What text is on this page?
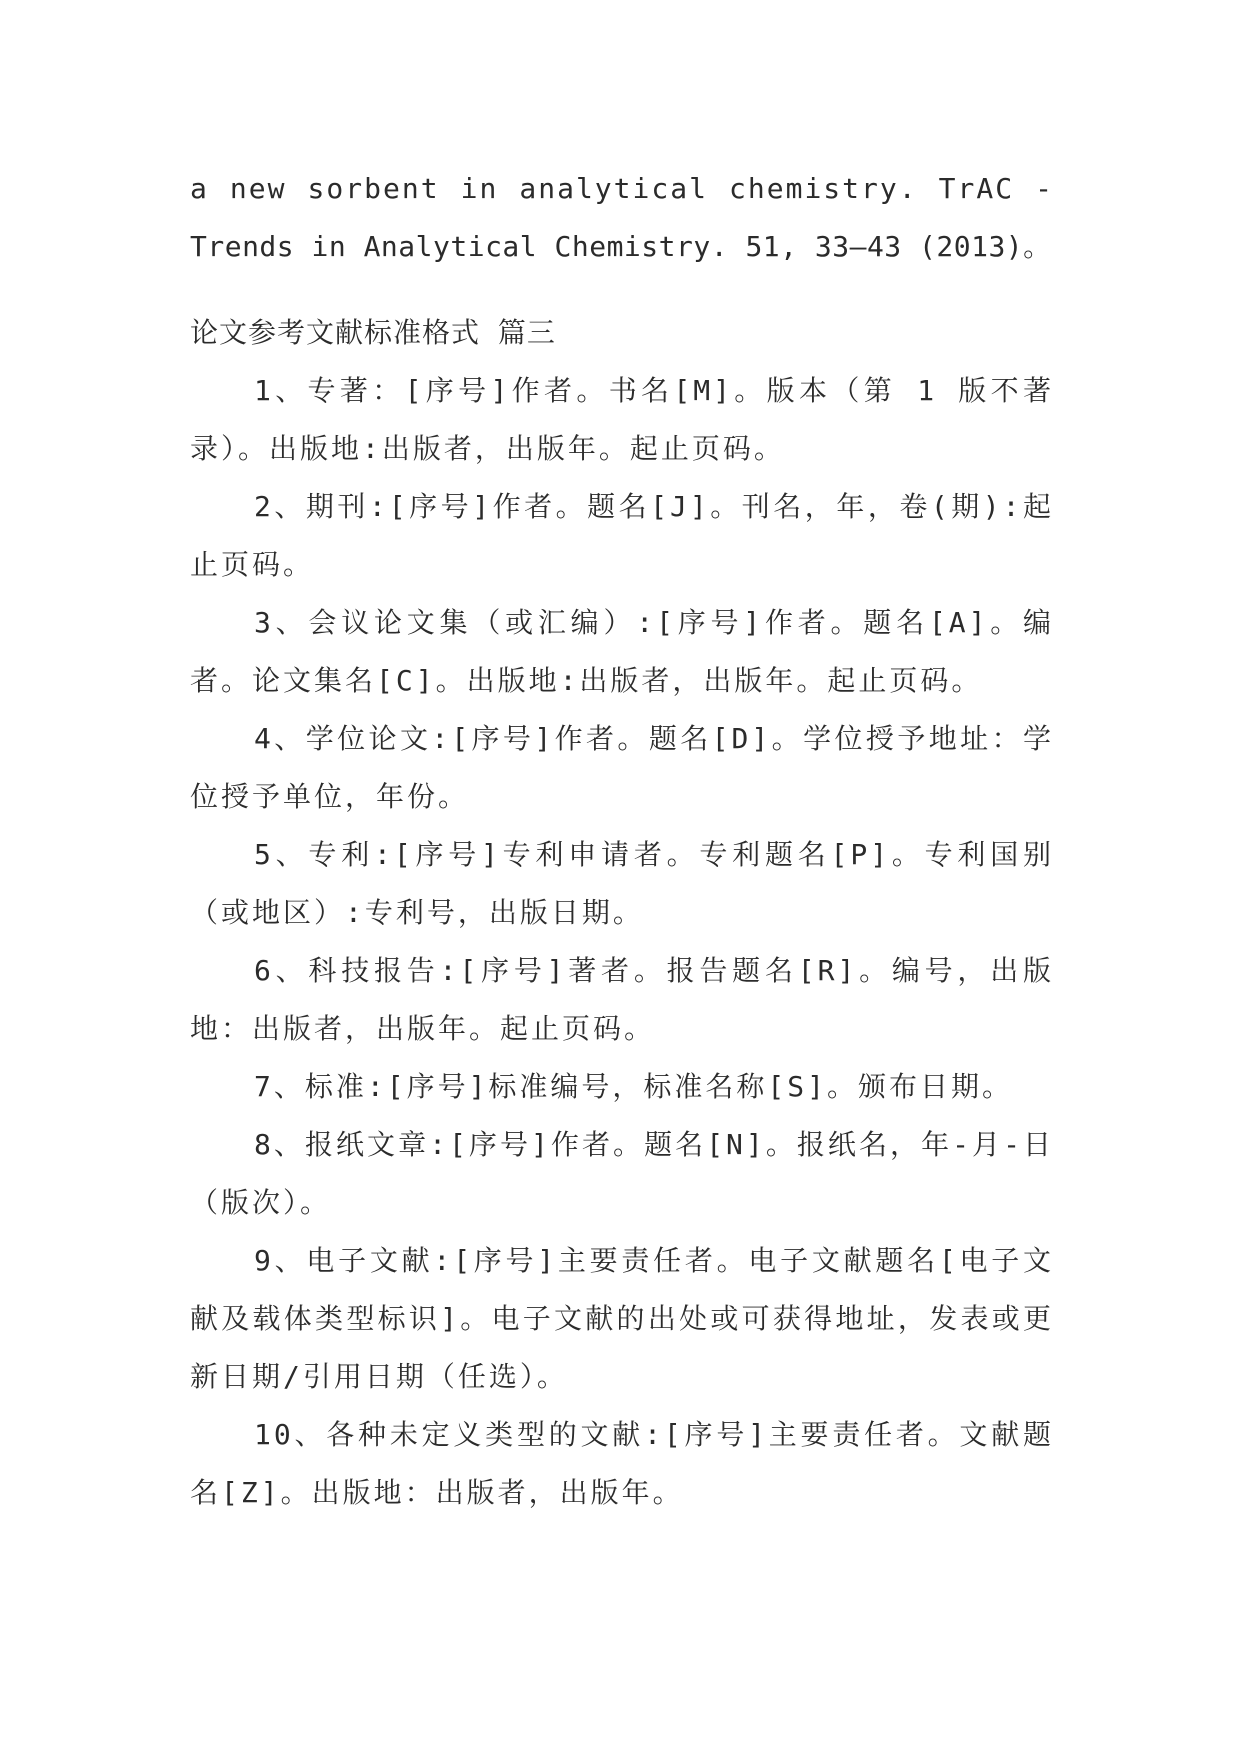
a new sorbent in analytical chemistry. TrAC -
Trends in Analytical Chemistry. 51, 33–43 (2013)。
论文参考文献标准格式 篇三
1、专著：[序号]作者。书名[M]。版本（第 1 版不著录）。出版地:出版者，出版年。起止页码。
2、期刊:[序号]作者。题名[J]。刊名，年，卷(期):起止页码。
3、会议论文集（或汇编）:[序号]作者。题名[A]。编者。论文集名[C]。出版地:出版者，出版年。起止页码。
4、学位论文:[序号]作者。题名[D]。学位授予地址：学位授予单位，年份。
5、专利:[序号]专利申请者。专利题名[P]。专利国别（或地区）:专利号，出版日期。
6、科技报告:[序号]著者。报告题名[R]。编号，出版地：出版者，出版年。起止页码。
7、标准:[序号]标准编号，标准名称[S]。颁布日期。
8、报纸文章:[序号]作者。题名[N]。报纸名，年-月-日（版次）。
9、电子文献:[序号]主要责任者。电子文献题名[电子文献及载体类型标识]。电子文献的出处或可获得地址，发表或更新日期/引用日期（任选）。
10、各种未定义类型的文献:[序号]主要责任者。文献题名[Z]。出版地：出版者，出版年。
